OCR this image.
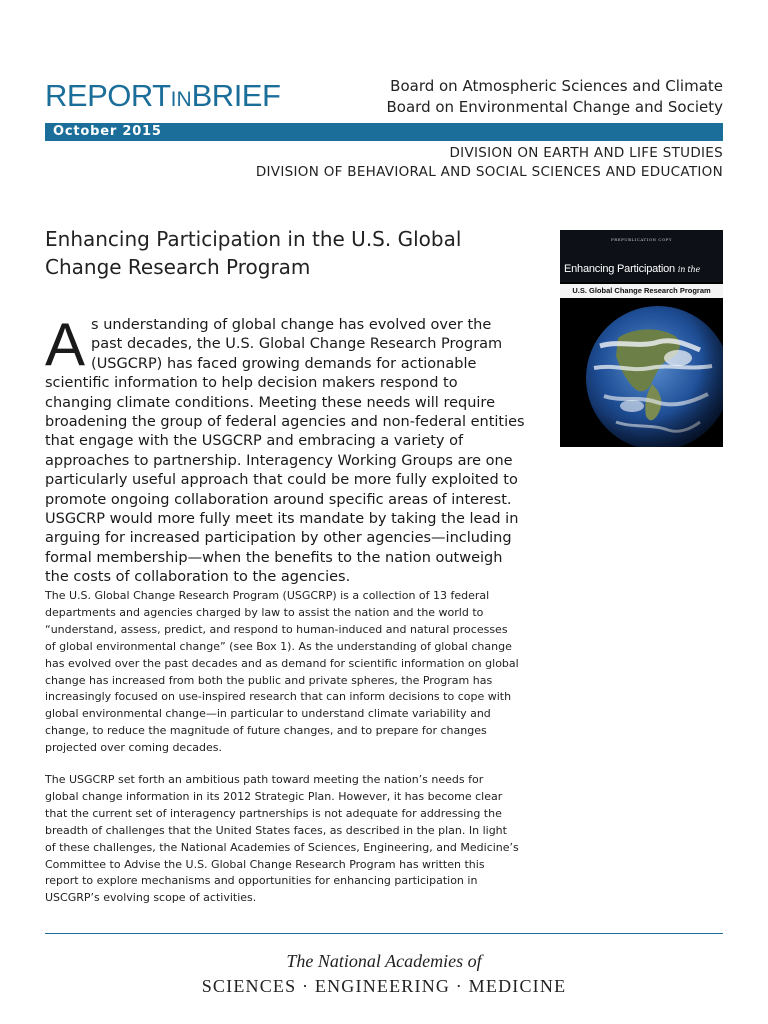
REPORTINBRIEF	Board on Atmospheric Sciences and Climate
Board on Environmental Change and Society
October 2015
DIVISION ON EARTH AND LIFE STUDIES
DIVISION OF BEHAVIORAL AND SOCIAL SCIENCES AND EDUCATION
Enhancing Participation in the U.S. Global Change Research Program
PREPUBLICATION COPY
Enhancing Participation in the
U.S. Global Change Research Program
As understanding of global change has evolved over the past decades, the U.S. Global Change Research Program (USGCRP) has faced growing demands for actionable scientific information to help decision makers respond to changing climate conditions. Meeting these needs will require broadening the group of federal agencies and non-federal entities that engage with the USGCRP and embracing a variety of approaches to partnership. Interagency Working Groups are one particularly useful approach that could be more fully exploited to promote ongoing collaboration around specific areas of interest. USGCRP would more fully meet its mandate by taking the lead in arguing for increased participation by other agencies—including formal membership—when the benefits to the nation outweigh the costs of collaboration to the agencies.
The U.S. Global Change Research Program (USGCRP) is a collection of 13 federal departments and agencies charged by law to assist the nation and the world to “understand, assess, predict, and respond to human-induced and natural processes of global environmental change” (see Box 1). As the understanding of global change has evolved over the past decades and as demand for scientific information on global change has increased from both the public and private spheres, the Program has increasingly focused on use-inspired research that can inform decisions to cope with global environmental change—in particular to understand climate variability and change, to reduce the magnitude of future changes, and to prepare for changes projected over coming decades.
The USGCRP set forth an ambitious path toward meeting the nation’s needs for global change information in its 2012 Strategic Plan. However, it has become clear that the current set of interagency partnerships is not adequate for addressing the breadth of challenges that the United States faces, as described in the plan. In light of these challenges, the National Academies of Sciences, Engineering, and Medicine’s Committee to Advise the U.S. Global Change Research Program has written this report to explore mechanisms and opportunities for enhancing participation in USCGRP’s evolving scope of activities.
The National Academies of
SCIENCES · ENGINEERING · MEDICINE
